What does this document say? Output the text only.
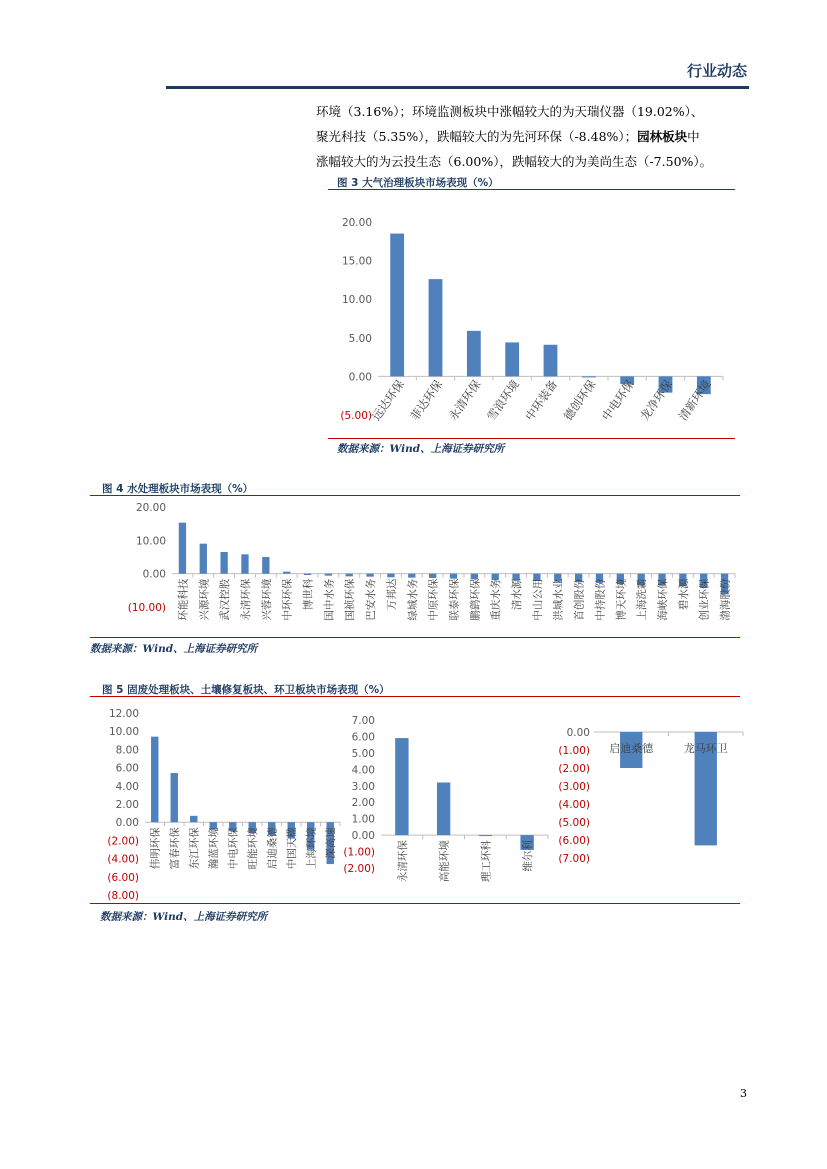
行业动态

环境（3.16%）；环境监测板块中涨幅较大的为天瑞仪器（19.02%）、

聚光科技（5.35%），跌幅较大的为先河环保（-8.48%）；园林板块中

涨幅较大的为云投生态（6.00%），跌幅较大的为美尚生态（-7.50%）。

图 3 大气治理板块市场表现（%）
20.00
15.00
10.00
5.00
0.00
(5.00)
远达环保 菲达环保 永清环保 雪浪环境 中环装备 德创环保 中电环保 龙净环保 清新环境
数据来源：Wind、上海证券研究所
图 4 水处理板块市场表现（%）
20.00
10.00
0.00
(10.00) 环能科技 兴源环境 武汉控股 永清环保 兴蓉环境 中环环保 博世科 国中水务 国祯环保 巴安水务 万邦达 绿城水务 中原环保 联泰环保 鹏鹞环保 重庆水务 清水源 中山公用 洪城水业 首创股份 中持股份 博天环境 上海洗霸 海峡环保 碧水源 创业环保 渤海股份
数据来源：Wind、上海证券研究所
图 5 固废处理板块、土壤修复板块、环卫板块市场表现（%）
12.00
10.00
8.00
6.00
4.00
2.00
0.00
(2.00)
(4.00)
(6.00)
(8.00)
伟明环保 富春环保 东江环保 瀚蓝环境 中电环保 旺能环境 启迪桑德 中国天楹 上海环境 深高速
7.00
6.00
5.00
4.00
3.00
2.00
1.00
0.00
(1.00)
(2.00) 永清环保	高能环境	理工环科	维尔利
0.00
(1.00)
(2.00)
(3.00)
(4.00)
(5.00)
(6.00)
(7.00)
启迪桑德	龙马环卫
数据来源：Wind、上海证券研究所
3
